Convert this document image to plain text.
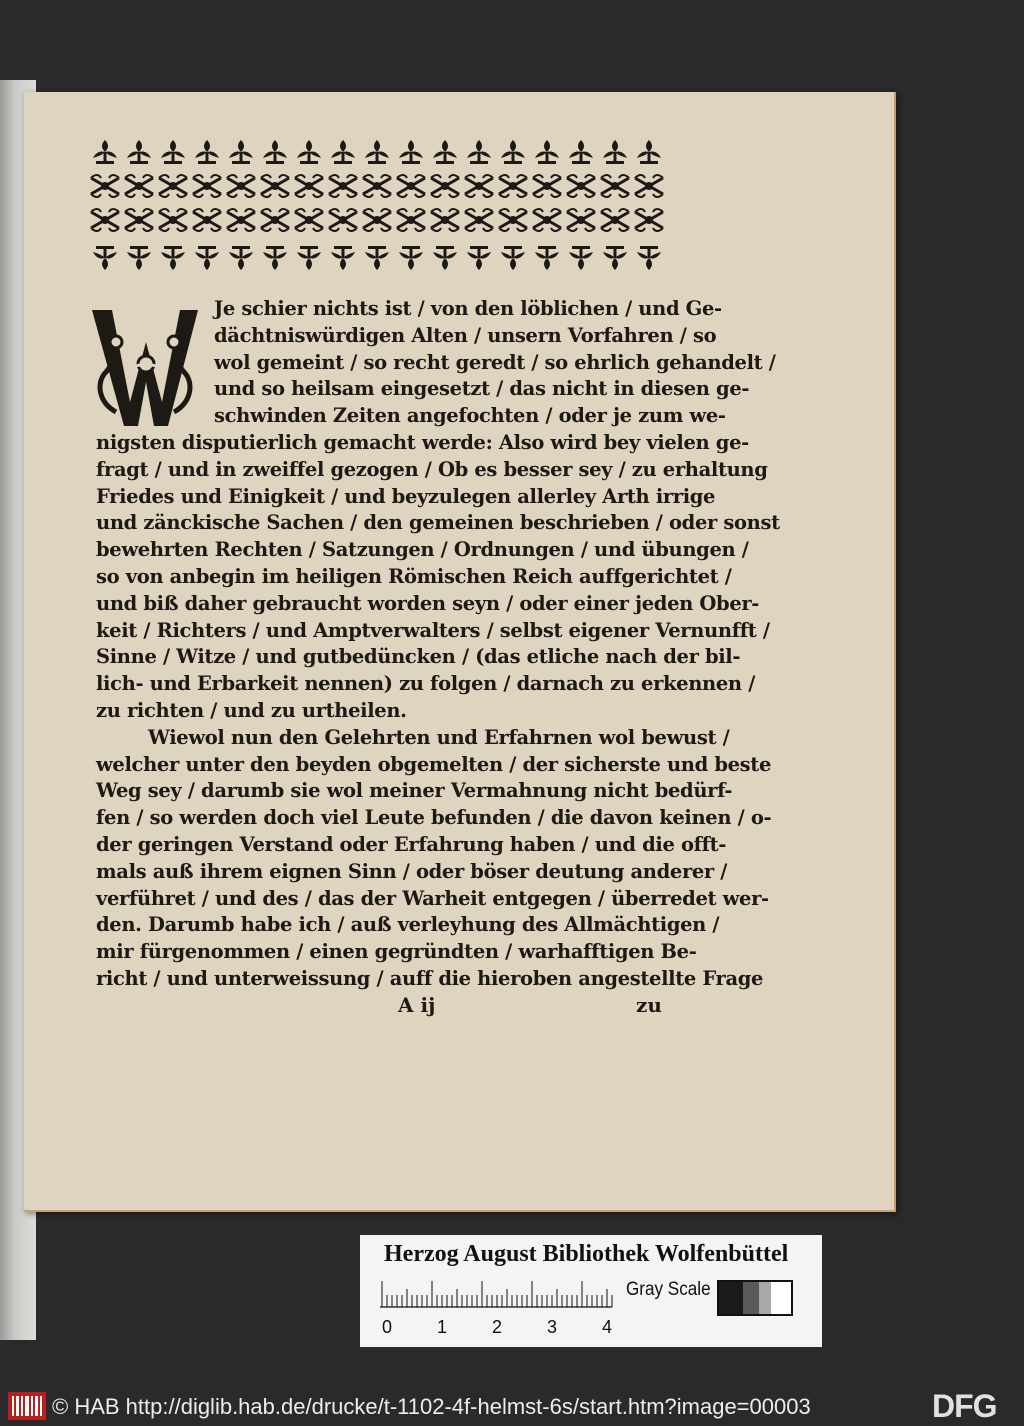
Je schier nichts ist / von den löblichen / und Ge-
dächtniswürdigen Alten / unsern Vorfahren / so
wol gemeint / so recht geredt / so ehrlich gehandelt /
und so heilsam eingesetzt / das nicht in diesen ge-
schwinden Zeiten angefochten / oder je zum we-
nigsten disputierlich gemacht werde: Also wird bey vielen ge-
fragt / und in zweiffel gezogen / Ob es besser sey / zu erhaltung
Friedes und Einigkeit / und beyzulegen allerley Arth irrige
und zänckische Sachen / den gemeinen beschrieben / oder sonst
bewehrten Rechten / Satzungen / Ordnungen / und übungen /
so von anbegin im heiligen Römischen Reich auffgerichtet /
und biß daher gebraucht worden seyn / oder einer jeden Ober-
keit / Richters / und Amptverwalters / selbst eigener Vernunfft /
Sinne / Witze / und gutbedüncken / (das etliche nach der bil-
lich- und Erbarkeit nennen) zu folgen / darnach zu erkennen /
zu richten / und zu urtheilen.
Wiewol nun den Gelehrten und Erfahrnen wol bewust /
welcher unter den beyden obgemelten / der sicherste und beste
Weg sey / darumb sie wol meiner Vermahnung nicht bedürf-
fen / so werden doch viel Leute befunden / die davon keinen / o-
der geringen Verstand oder Erfahrung haben / und die offt-
mals auß ihrem eignen Sinn / oder böser deutung anderer /
verführet / und des / das der Warheit entgegen / überredet wer-
den. Darumb habe ich / auß verleyhung des Allmächtigen /
mir fürgenommen / einen gegründten / warhafftigen Be-
richt / und unterweissung / auff die hieroben angestellte Frage
A ij	zu
Herzog August Bibliothek Wolfenbüttel
0 1 2 3 4
Gray Scale
© HAB http://diglib.hab.de/drucke/t-1102-4f-helmst-6s/start.htm?image=00003	DFG
